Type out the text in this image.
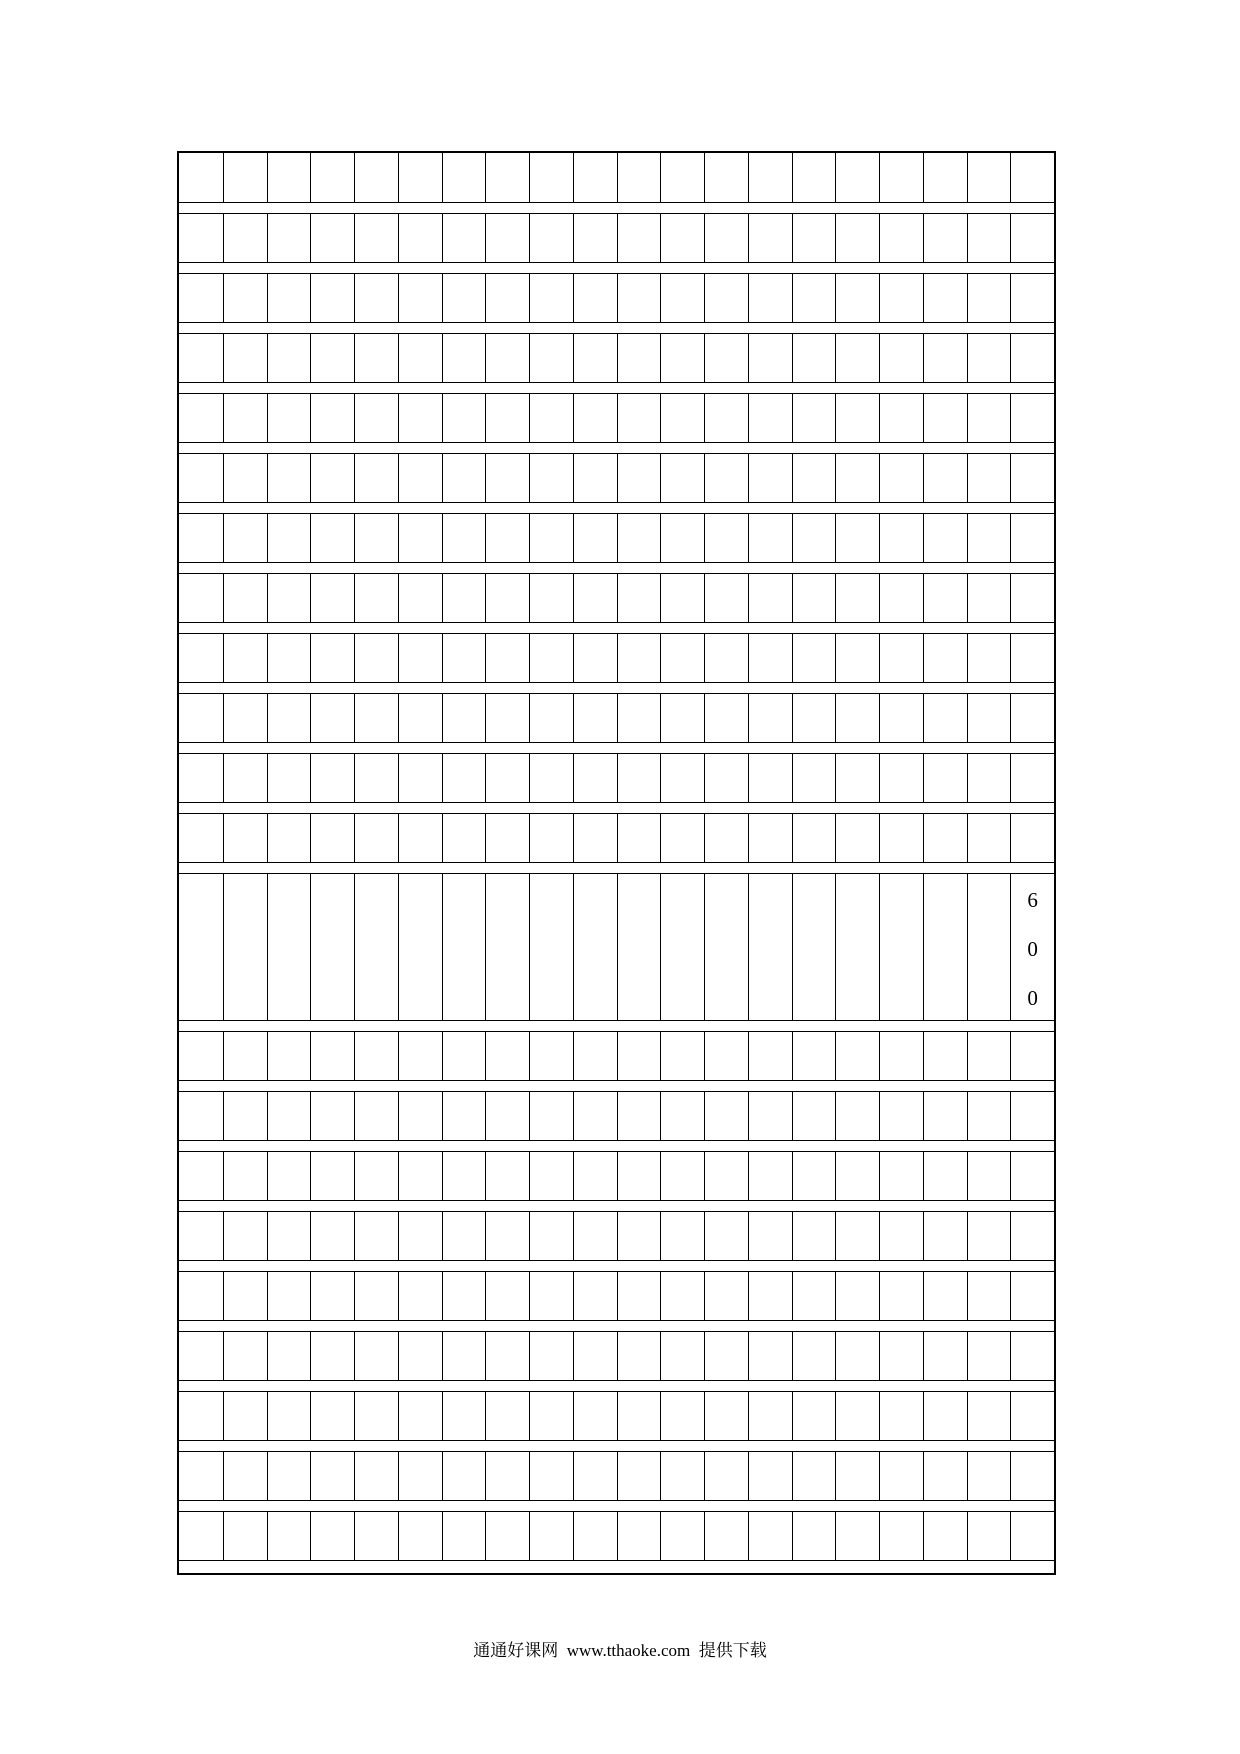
6
0
0
通通好课网  www.tthaoke.com  提供下载
